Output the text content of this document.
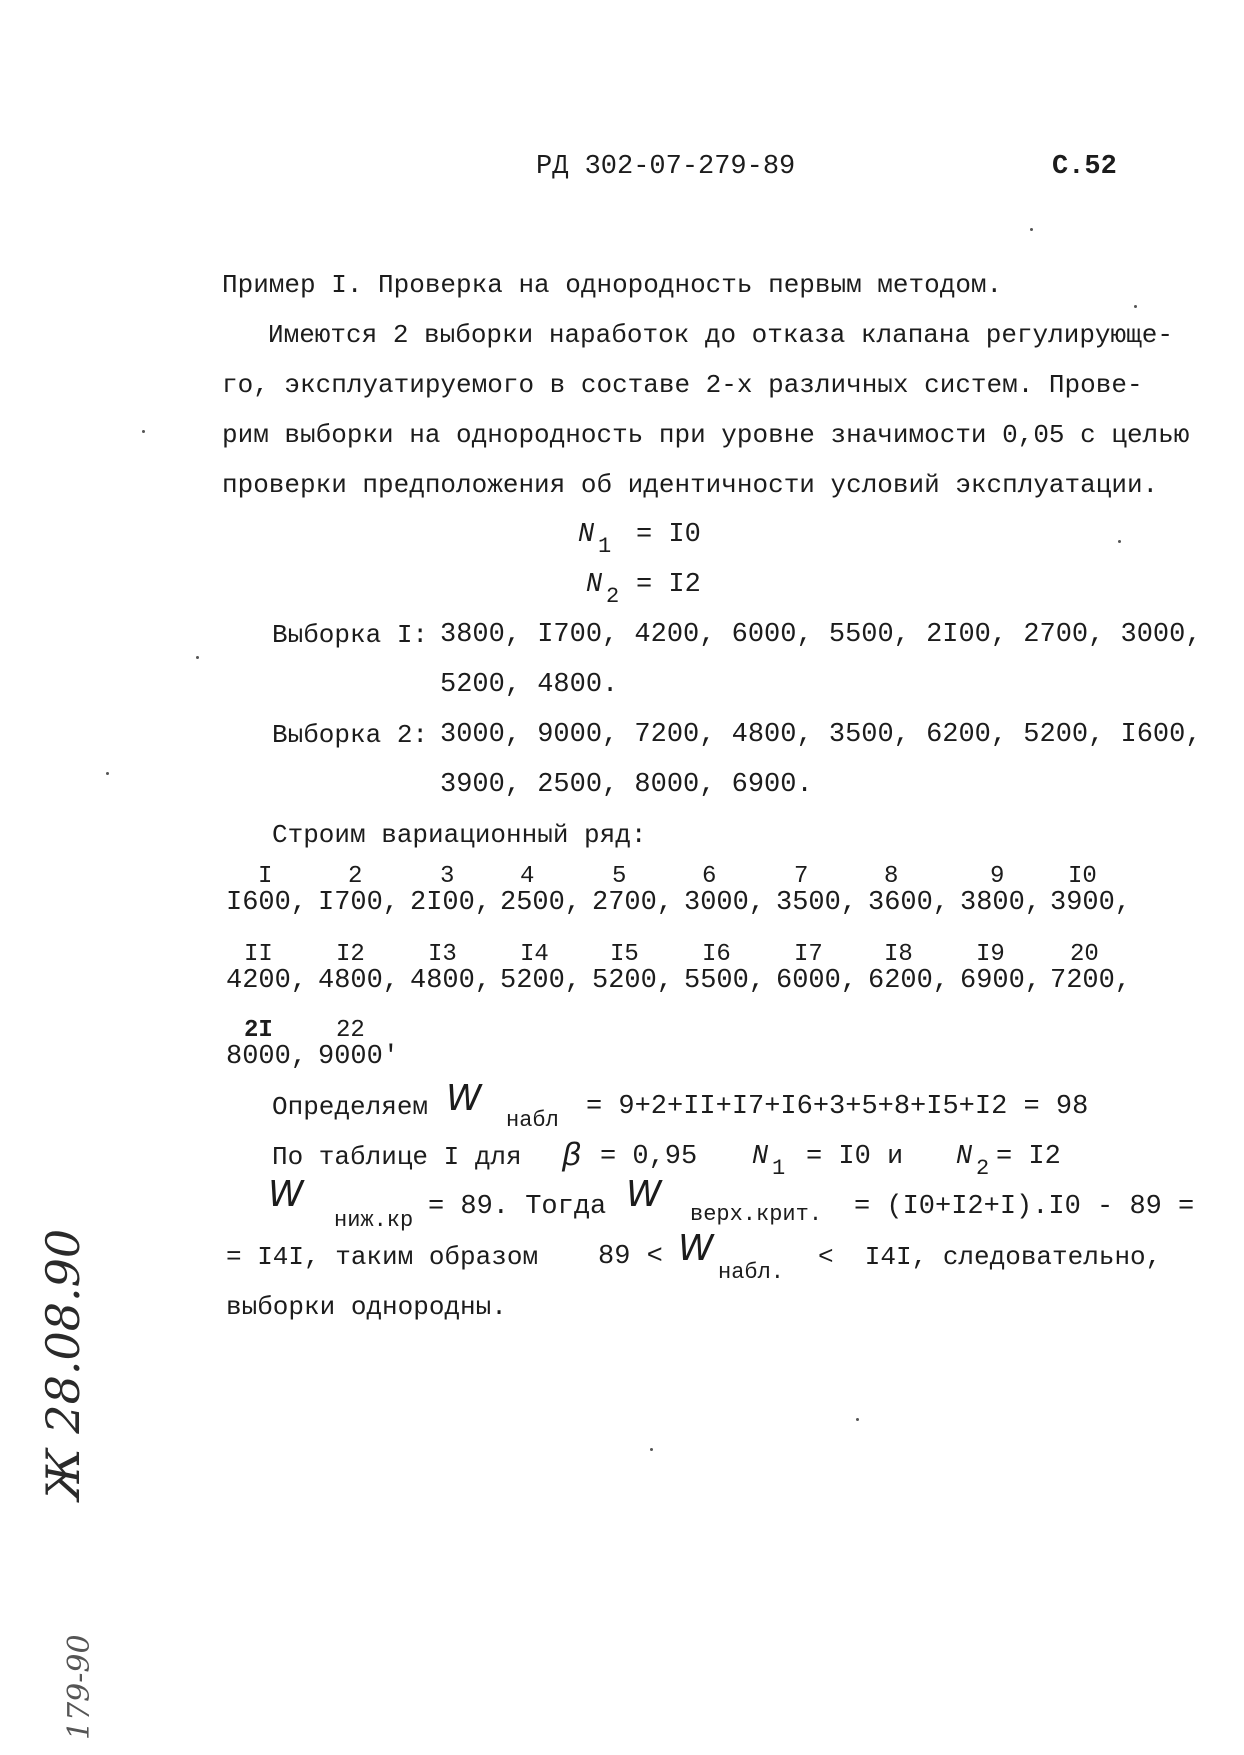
РД 302-07-279-89	С.52
Пример I. Проверка на однородность первым методом.
Имеются 2 выборки наработок до отказа клапана регулирующе-
го, эксплуатируемого в составе 2-х различных систем. Прове-
рим выборки на однородность при уровне значимости 0,05 с целью
проверки предположения об идентичности условий эксплуатации.
N 1 = I0
N 2 = I2
Выборка I: 3800, I700, 4200, 6000, 5500, 2I00, 2700, 3000,
5200, 4800.
Выборка 2: 3000, 9000, 7200, 4800, 3500, 6200, 5200, I600,
3900, 2500, 8000, 6900.
Строим вариационный ряд:
I	2	3	4	5	6	7	8	9	I0
I600, I700, 2I00, 2500, 2700, 3000, 3500, 3600, 3800, 3900,
II	I2	I3	I4	I5	I6	I7	I8	I9	20
4200, 4800, 4800, 5200, 5200, 5500, 6000, 6200, 6900, 7200,
2I	22
8000, 9000'
Определяем W
набл = 9+2+II+I7+I6+3+5+8+I5+I2 = 98
По таблице I для β = 0,95 N 1 = I0 и N 2 = I2
W
ниж.кр = 89. Тогда W верх.крит. = (I0+I2+I).I0 - 89 =
= I4I, таким образом 89 < W
набл.
<  I4I, следовательно,
выборки однородны.
Ж 28.08.90
179-90
